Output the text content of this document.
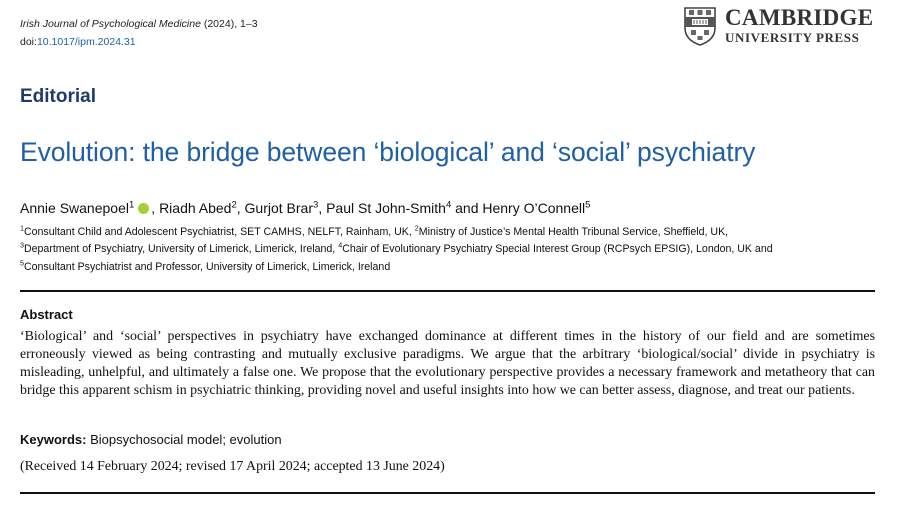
Irish Journal of Psychological Medicine (2024), 1–3
doi:10.1017/ipm.2024.31
CAMBRIDGE
UNIVERSITY PRESS
Editorial
Evolution: the bridge between ‘biological’ and ‘social’ psychiatry
Annie Swanepoel$^1$ , Riadh Abed$^2$, Gurjot Brar$^3$, Paul St John-Smith$^4$ and Henry O’Connell$^5$
$^1$Consultant Child and Adolescent Psychiatrist, SET CAMHS, NELFT, Rainham, UK, $^2$Ministry of Justice’s Mental Health Tribunal Service, Sheffield, UK,
$^3$Department of Psychiatry, University of Limerick, Limerick, Ireland, $^4$Chair of Evolutionary Psychiatry Special Interest Group (RCPsych EPSIG), London, UK and
$^5$Consultant Psychiatrist and Professor, University of Limerick, Limerick, Ireland
Abstract
‘Biological’ and ‘social’ perspectives in psychiatry have exchanged dominance at different times in the history of our field and are sometimes erroneously viewed as being contrasting and mutually exclusive paradigms. We argue that the arbitrary ‘biological/social’ divide in psychiatry is misleading, unhelpful, and ultimately a false one. We propose that the evolutionary perspective provides a necessary framework and metatheory that can bridge this apparent schism in psychiatric thinking, providing novel and useful insights into how we can better assess, diagnose, and treat our patients.
Keywords: Biopsychosocial model; evolution
(Received 14 February 2024; revised 17 April 2024; accepted 13 June 2024)
